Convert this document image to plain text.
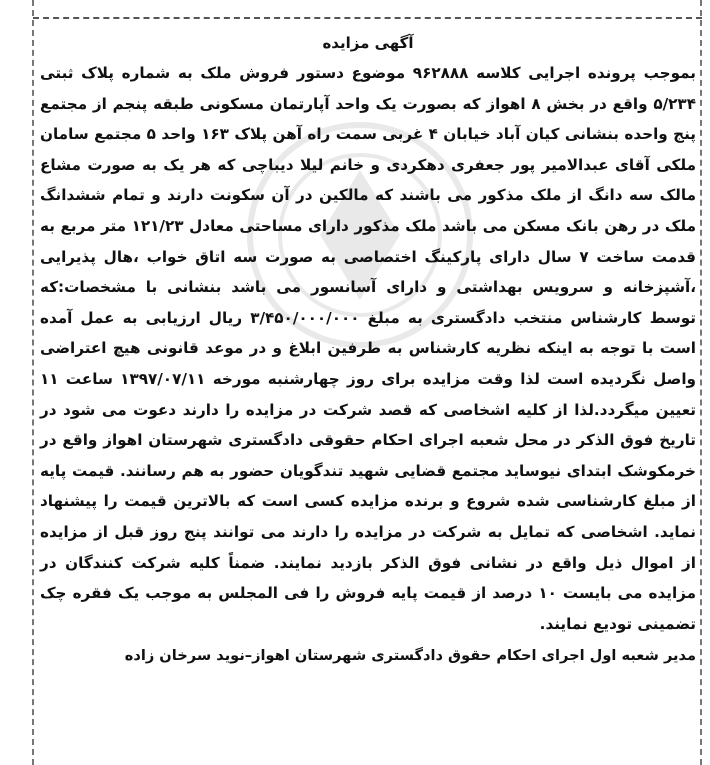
آگهی مزایده

بموجب پرونده اجرایی کلاسه ۹۶۲۸۸۸ موضوع دستور فروش ملک به شماره پلاک ثبتی ۵/۲۳۴ واقع در بخش ۸ اهواز که بصورت یک واحد آپارتمان مسکونی طبقه پنجم از مجتمع پنج واحده بنشانی کیان آباد خیابان ۴ غربی سمت راه آهن پلاک ۱۶۳ واحد ۵ مجتمع سامان ملکی آقای عبدالامیر پور جعفری دهکردی و خانم لیلا دیباچی که هر یک به صورت مشاع مالک سه دانگ از ملک مذکور می باشند که مالکین در آن سکونت دارند و تمام ششدانگ ملک در رهن بانک مسکن می باشد ملک مذکور دارای مساحتی معادل ۱۲۱/۲۳ متر مربع به قدمت ساخت ۷ سال دارای پارکینگ اختصاصی به صورت سه اتاق خواب ،هال پذیرایی ،آشپزخانه و سرویس بهداشتی و دارای آسانسور می باشد بنشانی با مشخصات:که توسط کارشناس منتخب دادگستری به مبلغ ۳/۴۵۰/۰۰۰/۰۰۰ ریال ارزیابی به عمل آمده است با توجه به اینکه نظریه کارشناس به طرفین ابلاغ و در موعد قانونی هیچ اعتراضی واصل نگردیده است لذا وقت مزایده برای روز چهارشنبه مورخه ۱۳۹۷/۰۷/۱۱ ساعت ۱۱ تعیین میگردد.لذا از کلیه اشخاصی که قصد شرکت در مزایده را دارند دعوت می شود در تاریخ فوق الذکر در محل شعبه اجرای احکام حقوقی دادگستری شهرستان اهواز واقع در خرمکوشک ابتدای نیوساید مجتمع قضایی شهید تندگویان حضور به هم رسانند. قیمت پایه از مبلغ کارشناسی شده شروع و برنده مزایده کسی است که بالاترین قیمت را پیشنهاد نماید. اشخاصی که تمایل به شرکت در مزایده را دارند می توانند پنج روز قبل از مزایده از اموال ذیل واقع در نشانی فوق الذکر بازدید نمایند. ضمناً کلیه شرکت کنندگان در مزایده می بایست ۱۰ درصد از قیمت پایه فروش را فی المجلس به موجب یک فقره چک تضمینی تودیع نمایند.

مدیر شعبه اول اجرای احکام حقوق دادگستری شهرستان اهواز–نوید سرخان زاده
